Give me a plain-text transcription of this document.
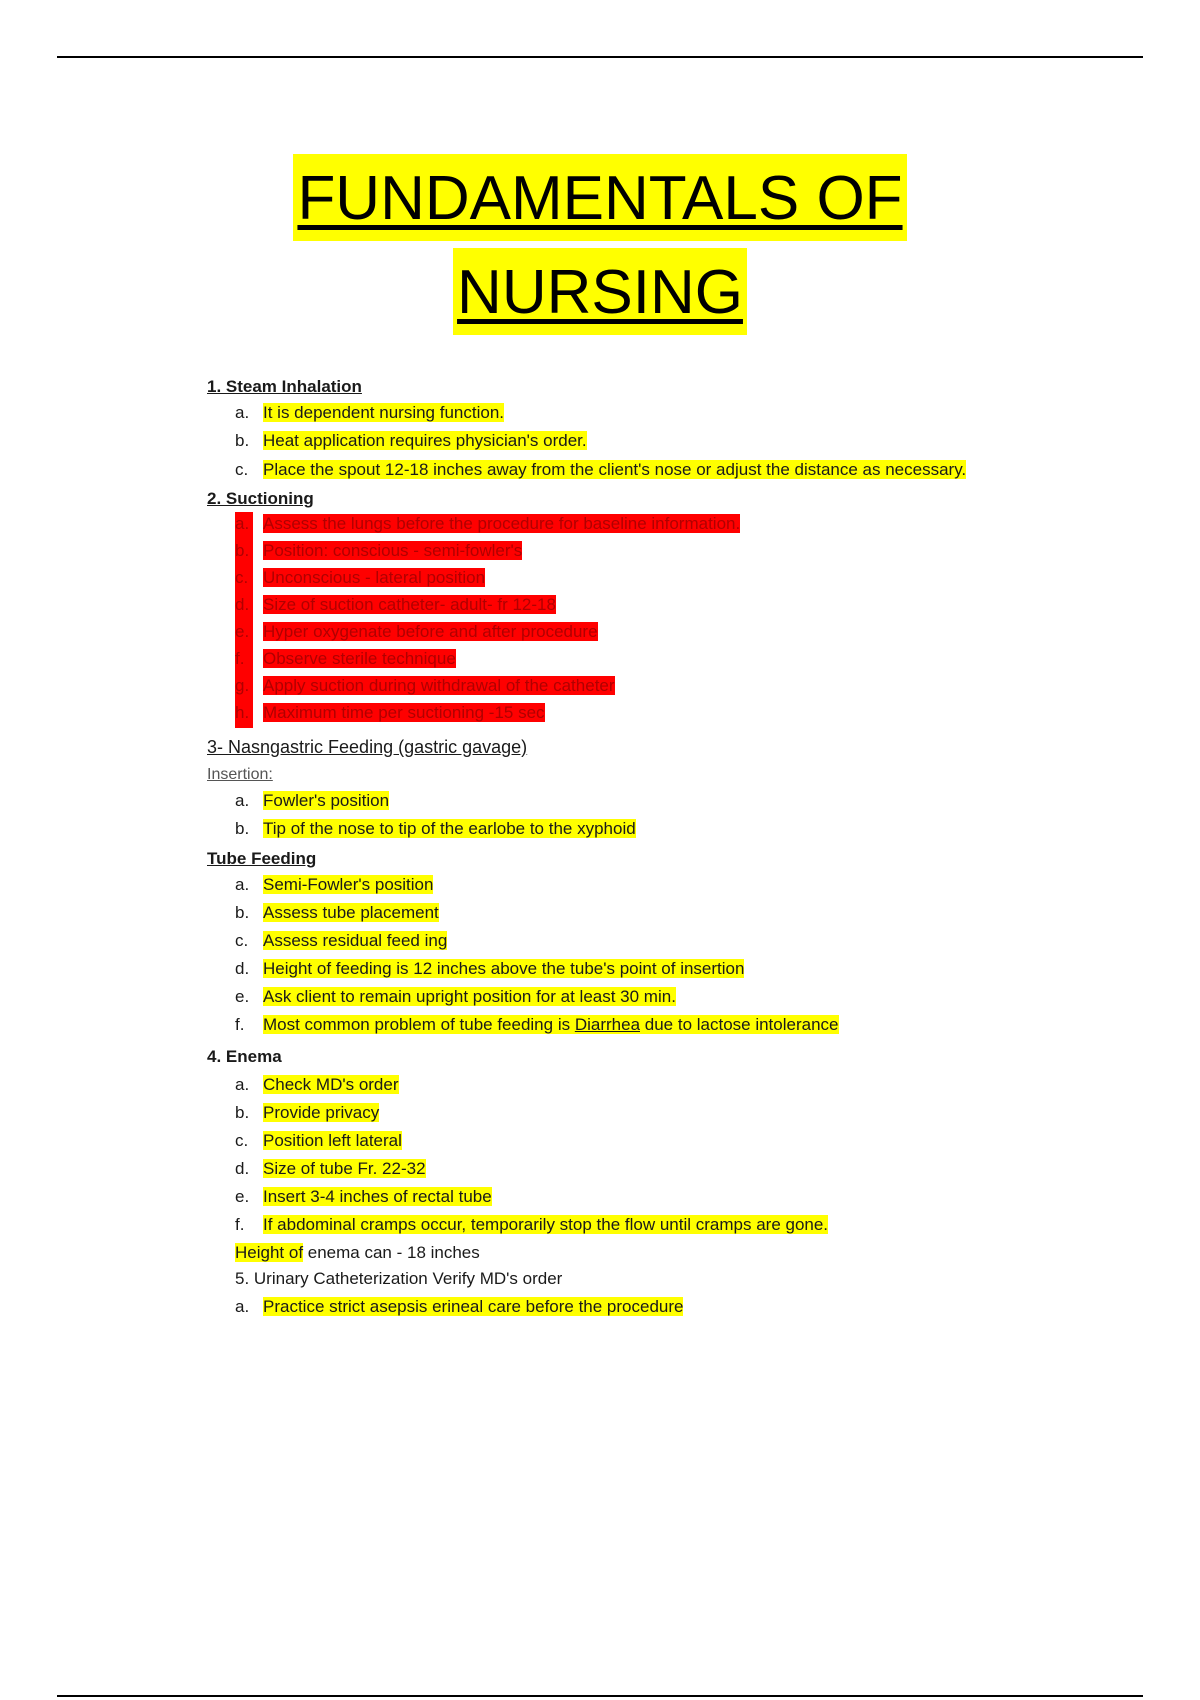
FUNDAMENTALS OF
NURSING

1. Steam Inhalation

a. It is dependent nursing function.
b. Heat application requires physician's order.
c. Place the spout 12-18 inches away from the client's nose or adjust the distance as necessary.

2. Suctioning

a. Assess the lungs before the procedure for baseline information.
b. Position: conscious - semi-fowler's
c. Unconscious - lateral position
d. Size of suction catheter- adult- fr 12-18
e. Hyper oxygenate before and after procedure
f.	Observe sterile technique
g. Apply suction during withdrawal of the catheter
h. Maximum time per suctioning -15 sec

3- Nasngastric Feeding (gastric gavage)

Insertion:

a. Fowler's position
b. Tip of the nose to tip of the earlobe to the xyphoid

Tube Feeding

a. Semi-Fowler's position
b. Assess tube placement
c. Assess residual feed ing
d. Height of feeding is 12 inches above the tube's point of insertion
e. Ask client to remain upright position for at least 30 min.
f.	Most common problem of tube feeding is Diarrhea due to lactose intolerance

4. Enema

a. Check MD's order
b. Provide privacy
c. Position left lateral
d. Size of tube Fr. 22-32
e. Insert 3-4 inches of rectal tube
f.	If abdominal cramps occur, temporarily stop the flow until cramps are gone.
Height of enema can - 18 inches
5. Urinary Catheterization Verify MD's order
a. Practice strict asepsis erineal care before the procedure
